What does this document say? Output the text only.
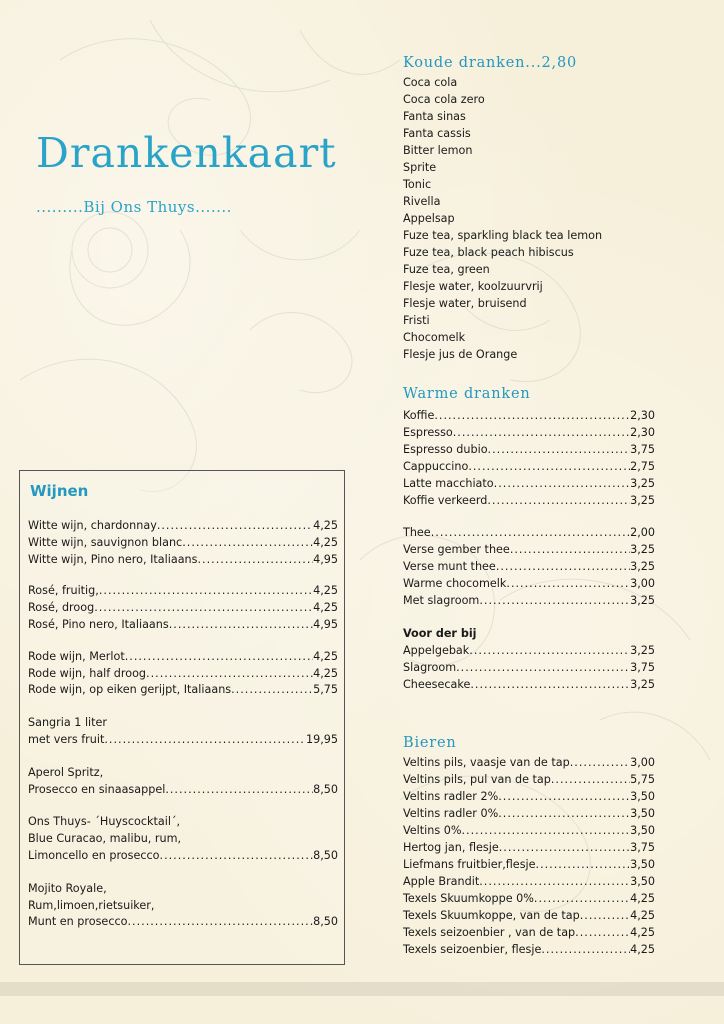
Drankenkaart
.........Bij Ons Thuys.......
Koude dranken...2,80
Coca cola
Coca cola zero
Fanta sinas
Fanta cassis
Bitter lemon
Sprite
Tonic
Rivella
Appelsap
Fuze tea, sparkling black tea lemon
Fuze tea, black peach hibiscus
Fuze tea, green
Flesje water, koolzuurvrij
Flesje water, bruisend
Fristi
Chocomelk
Flesje jus de Orange
Warme dranken
Koffie .....	2,30
Espresso .....	2,30
Espresso dubio .....	3,75
Cappuccino .....	2,75
Latte macchiato .....	3,25
Koffie verkeerd .....	3,25
Thee .....	2,00
Verse gember thee .....	3,25
Verse munt thee .....	3,25
Warme chocomelk .....	3,00
Met slagroom .....	3,25
Voor der bij
Appelgebak .....	3,25
Slagroom .....	3,75
Cheesecake .....	3,25
Bieren
Veltins pils, vaasje van de tap .....	3,00
Veltins pils, pul van de tap .....	5,75
Veltins radler 2% .....	3,50
Veltins radler 0% .....	3,50
Veltins 0% .....	3,50
Hertog jan, flesje .....	3,75
Liefmans fruitbier,flesje .....	3,50
Apple Brandit .....	3,50
Texels Skuumkoppe 0% .....	4,25
Texels Skuumkoppe, van de tap .....	4,25
Texels seizoenbier , van de tap .....	4,25
Texels seizoenbier, flesje .....	4,25
Wijnen
Witte wijn, chardonnay .....	4,25
Witte wijn, sauvignon blanc .....	4,25
Witte wijn, Pino nero, Italiaans .....	4,95
Rosé, fruitig, .....	4,25
Rosé, droog .....	4,25
Rosé, Pino nero, Italiaans .....	4,95
Rode wijn, Merlot .....	4,25
Rode wijn, half droog .....	4,25
Rode wijn, op eiken gerijpt, Italiaans .....	5,75
Sangria 1 liter
met vers fruit .....	19,95
Aperol Spritz,
Prosecco en sinaasappel .....	8,50
Ons Thuys- ´Huyscocktail´,
Blue Curacao, malibu, rum,
Limoncello en prosecco .....	8,50
Mojito Royale,
Rum,limoen,rietsuiker,
Munt en prosecco .....	8,50
